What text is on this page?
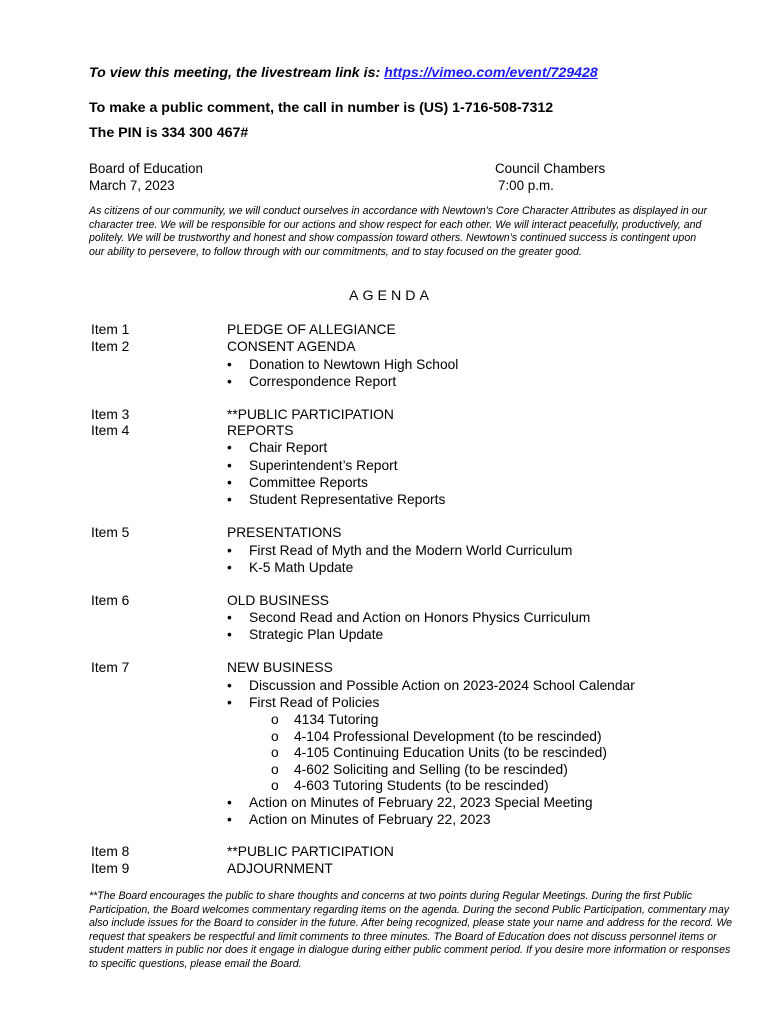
To view this meeting, the livestream link is: https://vimeo.com/event/729428
To make a public comment, the call in number is (US) 1-716-508-7312
The PIN is 334 300 467#
Board of Education
March 7, 2023
Council Chambers
7:00 p.m.
As citizens of our community, we will conduct ourselves in accordance with Newtown’s Core Character Attributes as displayed in our character tree. We will be responsible for our actions and show respect for each other. We will interact peacefully, productively, and politely. We will be trustworthy and honest and show compassion toward others. Newtown’s continued success is contingent upon our ability to persevere, to follow through with our commitments, and to stay focused on the greater good.
AGENDA
Item 1	PLEDGE OF ALLEGIANCE
Item 2	CONSENT AGENDA
• Donation to Newtown High School
• Correspondence Report
Item 3	**PUBLIC PARTICIPATION
Item 4	REPORTS
• Chair Report
• Superintendent’s Report
• Committee Reports
• Student Representative Reports
Item 5	PRESENTATIONS
• First Read of Myth and the Modern World Curriculum
• K-5 Math Update
Item 6	OLD BUSINESS
• Second Read and Action on Honors Physics Curriculum
• Strategic Plan Update
Item 7	NEW BUSINESS
• Discussion and Possible Action on 2023-2024 School Calendar
• First Read of Policies
o 4134 Tutoring
o 4-104 Professional Development (to be rescinded)
o 4-105 Continuing Education Units (to be rescinded)
o 4-602 Soliciting and Selling (to be rescinded)
o 4-603 Tutoring Students (to be rescinded)
• Action on Minutes of February 22, 2023 Special Meeting
• Action on Minutes of February 22, 2023
Item 8	**PUBLIC PARTICIPATION
Item 9	ADJOURNMENT
**The Board encourages the public to share thoughts and concerns at two points during Regular Meetings. During the first Public Participation, the Board welcomes commentary regarding items on the agenda. During the second Public Participation, commentary may also include issues for the Board to consider in the future. After being recognized, please state your name and address for the record. We request that speakers be respectful and limit comments to three minutes. The Board of Education does not discuss personnel items or student matters in public nor does it engage in dialogue during either public comment period. If you desire more information or responses to specific questions, please email the Board.
